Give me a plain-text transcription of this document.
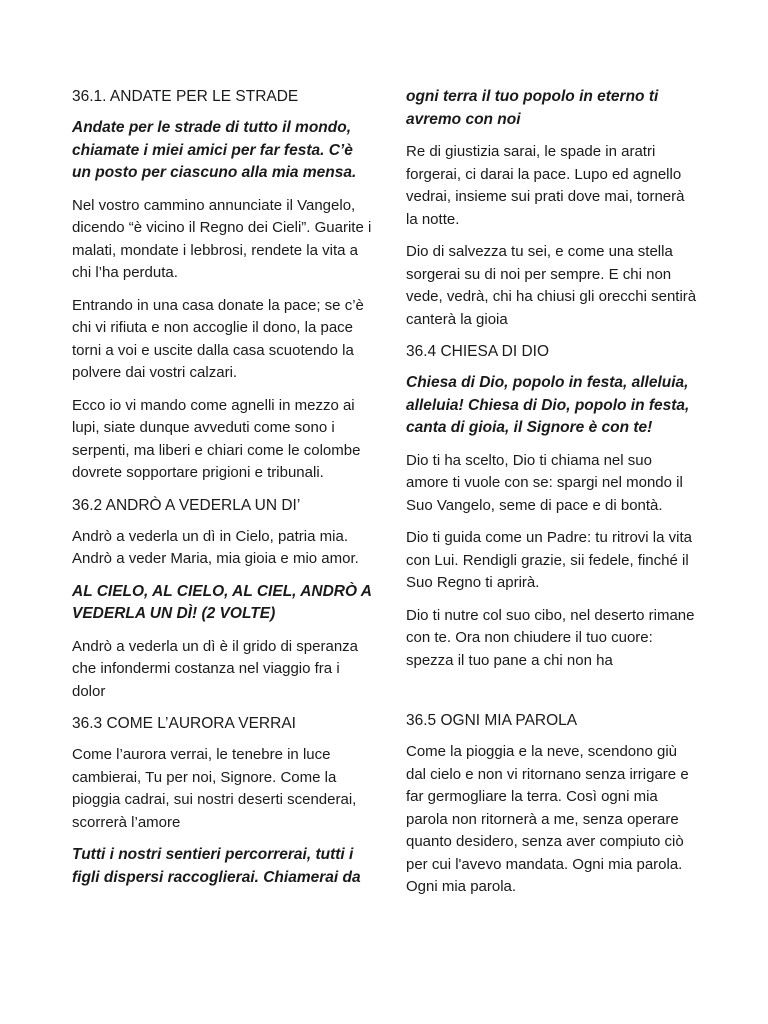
36.1. ANDATE PER LE STRADE

Andate per le strade di tutto il mondo, chiamate i miei amici per far festa. C’è un posto per ciascuno alla mia mensa.

Nel vostro cammino annunciate il Vangelo, dicendo “è vicino il Regno dei Cieli”. Guarite i malati, mondate i lebbrosi, rendete la vita a chi l’ha perduta.

Entrando in una casa donate la pace; se c’è chi vi rifiuta e non accoglie il dono, la pace torni a voi e uscite dalla casa scuotendo la polvere dai vostri calzari.

Ecco io vi mando come agnelli in mezzo ai lupi, siate dunque avveduti come sono i serpenti, ma liberi e chiari come le colombe dovrete sopportare prigioni e tribunali.

36.2 ANDRÒ A VEDERLA UN DI’

Andrò a vederla un dì in Cielo, patria mia. Andrò a veder Maria, mia gioia e mio amor.

AL CIELO, AL CIELO, AL CIEL, ANDRÒ A VEDERLA UN DÌ! (2 VOLTE)

Andrò a vederla un dì è il grido di speranza che infondermi costanza nel viaggio fra i dolor

36.3 COME L’AURORA VERRAI

Come l’aurora verrai, le tenebre in luce cambierai, Tu per noi, Signore. Come la pioggia cadrai, sui nostri deserti scenderai, scorrerà l’amore

Tutti i nostri sentieri percorrerai, tutti i figli dispersi raccoglierai. Chiamerai da

ogni terra il tuo popolo in eterno ti avremo con noi

Re di giustizia sarai, le spade in aratri forgerai, ci darai la pace. Lupo ed agnello vedrai, insieme sui prati dove mai, tornerà la notte.

Dio di salvezza tu sei, e come una stella sorgerai su di noi per sempre. E chi non vede, vedrà, chi ha chiusi gli orecchi sentirà canterà la gioia

36.4 CHIESA DI DIO

Chiesa di Dio, popolo in festa, alleluia, alleluia! Chiesa di Dio, popolo in festa, canta di gioia, il Signore è con te!

Dio ti ha scelto, Dio ti chiama nel suo amore ti vuole con se: spargi nel mondo il Suo Vangelo, seme di pace e di bontà.

Dio ti guida come un Padre: tu ritrovi la vita con Lui. Rendigli grazie, sii fedele, finché il Suo Regno ti aprirà.

Dio ti nutre col suo cibo, nel deserto rimane con te. Ora non chiudere il tuo cuore: spezza il tuo pane a chi non ha

36.5 OGNI MIA PAROLA

Come la pioggia e la neve, scendono giù dal cielo e non vi ritornano senza irrigare e far germogliare la terra. Così ogni mia parola non ritornerà a me, senza operare quanto desidero, senza aver compiuto ciò per cui l'avevo mandata. Ogni mia parola. Ogni mia parola.
